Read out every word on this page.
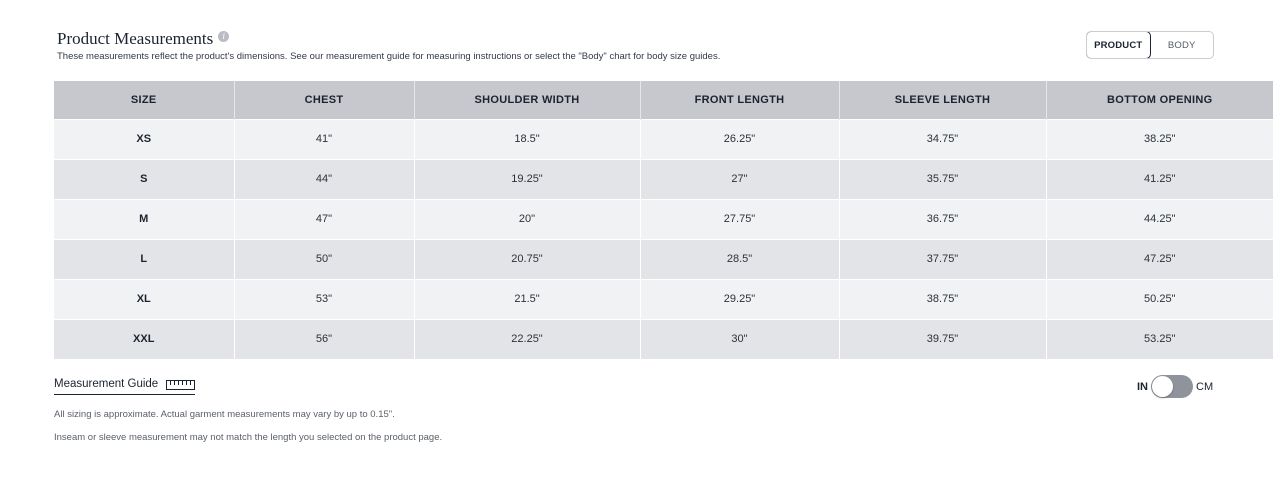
Product Measurements	i
These measurements reflect the product's dimensions. See our measurement guide for measuring instructions or select the "Body" chart for body size guides.
PRODUCT	BODY
SIZE	CHEST	SHOULDER WIDTH	FRONT LENGTH	SLEEVE LENGTH	BOTTOM OPENING
XS	41"	18.5"	26.25"	34.75"	38.25"
S	44"	19.25"	27"	35.75"	41.25"
M	47"	20"	27.75"	36.75"	44.25"
L	50"	20.75"	28.5"	37.75"	47.25"
XL	53"	21.5"	29.25"	38.75"	50.25"
XXL	56"	22.25"	30"	39.75"	53.25"
Measurement Guide	IN	CM
All sizing is approximate. Actual garment measurements may vary by up to 0.15".
Inseam or sleeve measurement may not match the length you selected on the product page.
